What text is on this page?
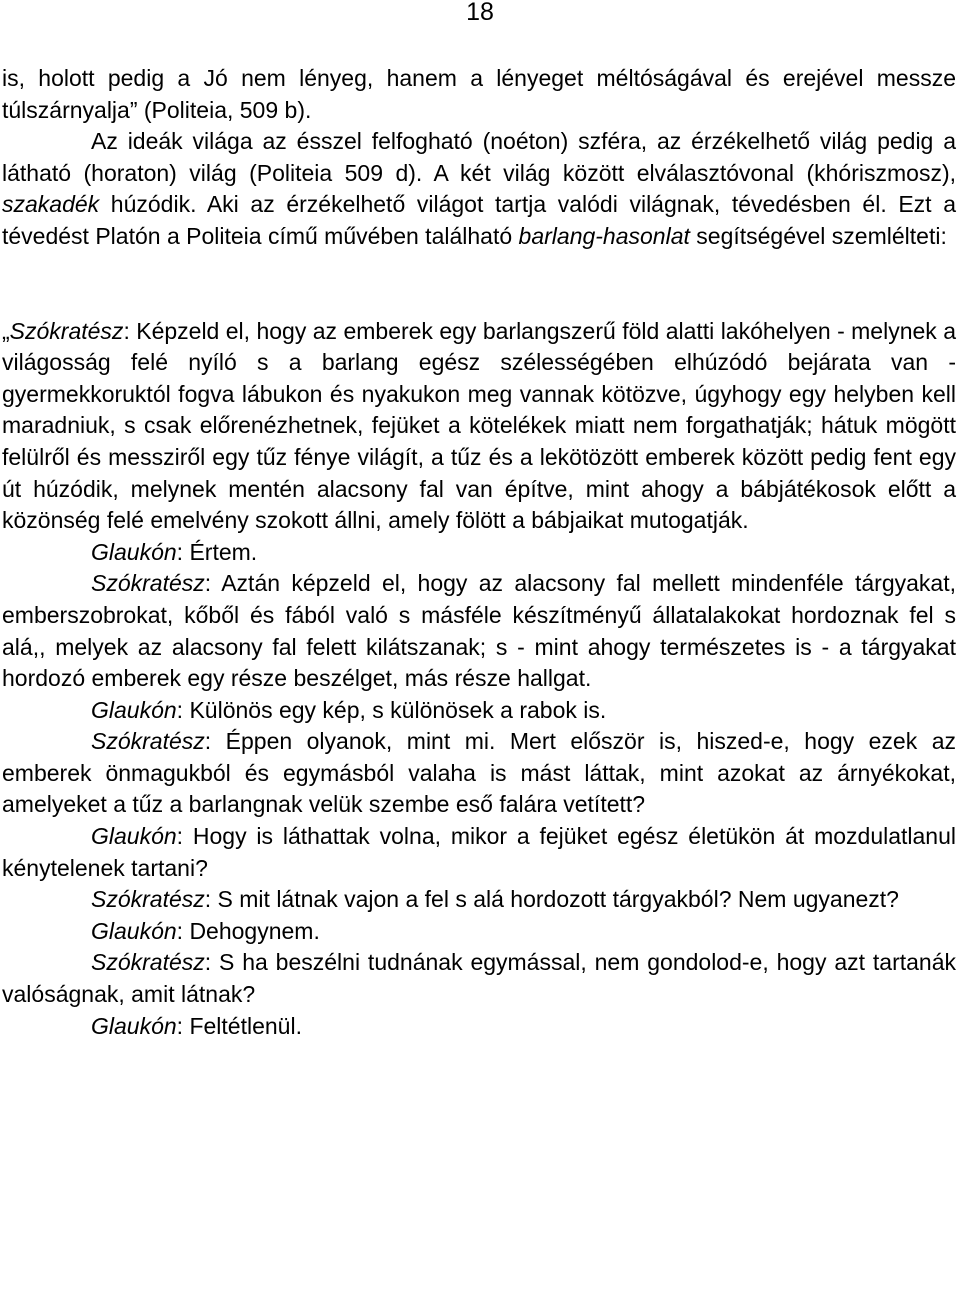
18

is, holott pedig a Jó nem lényeg, hanem a lényeget méltóságával és erejével messze túlszárnyalja” (Politeia, 509 b).

Az ideák világa az ésszel felfogható (noéton) szféra, az érzékelhető világ pedig a látható (horaton) világ (Politeia 509 d). A két világ között elválasztóvonal (khóriszmosz), szakadék húzódik. Aki az érzékelhető világot tartja valódi világnak, tévedésben él. Ezt a tévedést Platón a Politeia című művében található barlang-hasonlat segítségével szemlélteti:

„Szókratész: Képzeld el, hogy az emberek egy barlangszerű föld alatti lakóhelyen - melynek a világosság felé nyíló s a barlang egész szélességében elhúzódó bejárata van - gyermekkoruktól fogva lábukon és nyakukon meg vannak kötözve, úgyhogy egy helyben kell maradniuk, s csak előrenézhetnek, fejüket a kötelékek miatt nem forgathatják; hátuk mögött felülről és messziről egy tűz fénye világít, a tűz és a lekötözött emberek között pedig fent egy út húzódik, melynek mentén alacsony fal van építve, mint ahogy a bábjátékosok előtt a közönség felé emelvény szokott állni, amely fölött a bábjaikat mutogatják.

Glaukón: Értem.

Szókratész: Aztán képzeld el, hogy az alacsony fal mellett mindenféle tárgyakat, emberszobrokat, kőből és fából való s másféle készítményű állatalakokat hordoznak fel s alá,, melyek az alacsony fal felett kilátszanak; s - mint ahogy természetes is - a tárgyakat hordozó emberek egy része beszélget, más része hallgat.

Glaukón: Különös egy kép, s különösek a rabok is.

Szókratész: Éppen olyanok, mint mi. Mert először is, hiszed-e, hogy ezek az emberek önmagukból és egymásból valaha is mást láttak, mint azokat az árnyékokat, amelyeket a tűz a barlangnak velük szembe eső falára vetített?

Glaukón: Hogy is láthattak volna, mikor a fejüket egész életükön át mozdulatlanul kénytelenek tartani?

Szókratész: S mit látnak vajon a fel s alá hordozott tárgyakból? Nem ugyanezt?

Glaukón: Dehogynem.

Szókratész: S ha beszélni tudnának egymással, nem gondolod-e, hogy azt tartanák valóságnak, amit látnak?

Glaukón: Feltétlenül.
